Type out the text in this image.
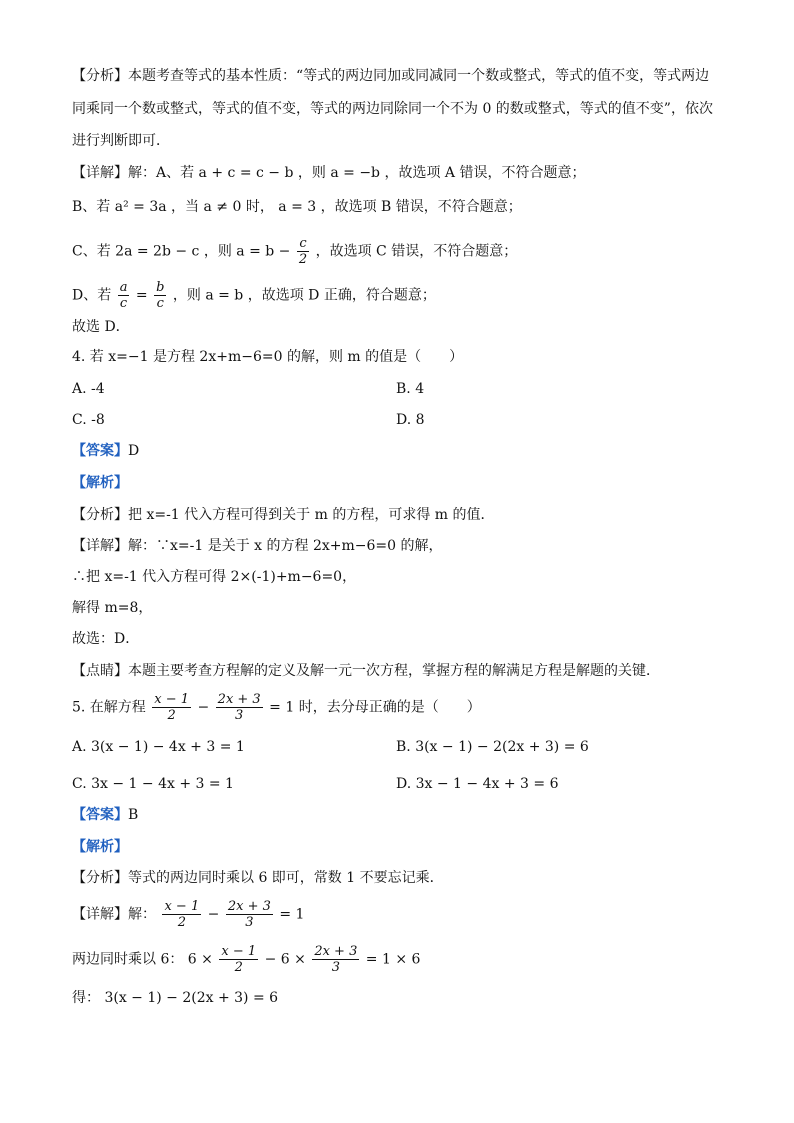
【分析】本题考查等式的基本性质：“等式的两边同加或同减同一个数或整式，等式的值不变，等式两边
同乘同一个数或整式，等式的值不变，等式的两边同除同一个不为 0 的数或整式，等式的值不变”，依次
进行判断即可．
【详解】解：A、若 a + c = c − b ，则 a = −b ，故选项 A 错误，不符合题意；
B、若 a² = 3a ，当 a ≠ 0 时， a = 3 ，故选项 B 错误，不符合题意；
C、若 2a = 2b − c ，则 $a = b - \frac{c}{2}$ ，故选项 C 错误，不符合题意；
D、若 $\frac{a}{c} = \frac{b}{c}$ ，则 a = b ，故选项 D 正确，符合题意；
故选 D．
4. 若 x=−1 是方程 2x+m−6=0 的解，则 m 的值是（　　）
A. -4	B. 4
C. -8	D. 8
【答案】D
【解析】
【分析】把 x=-1 代入方程可得到关于 m 的方程，可求得 m 的值．
【详解】解：∵x=-1 是关于 x 的方程 2x+m−6=0 的解，
∴把 x=-1 代入方程可得 2×(-1)+m−6=0，
解得 m=8，
故选：D．
【点睛】本题主要考查方程解的定义及解一元一次方程，掌握方程的解满足方程是解题的关键．
5. 在解方程 $\frac{x - 1}{2} - \frac{2x + 3}{3} = 1$ 时，去分母正确的是（　　）
A. 3(x − 1) − 4x + 3 = 1	B. 3(x − 1) − 2(2x + 3) = 6
C. 3x − 1 − 4x + 3 = 1	D. 3x − 1 − 4x + 3 = 6
【答案】B
【解析】
【分析】等式的两边同时乘以 6 即可，常数 1 不要忘记乘．
【详解】解： $\frac{x - 1}{2} - \frac{2x + 3}{3} = 1$
两边同时乘以 6： $6 \times \frac{x - 1}{2} - 6 \times \frac{2x + 3}{3} = 1 \times 6$
得： 3(x − 1) − 2(2x + 3) = 6
